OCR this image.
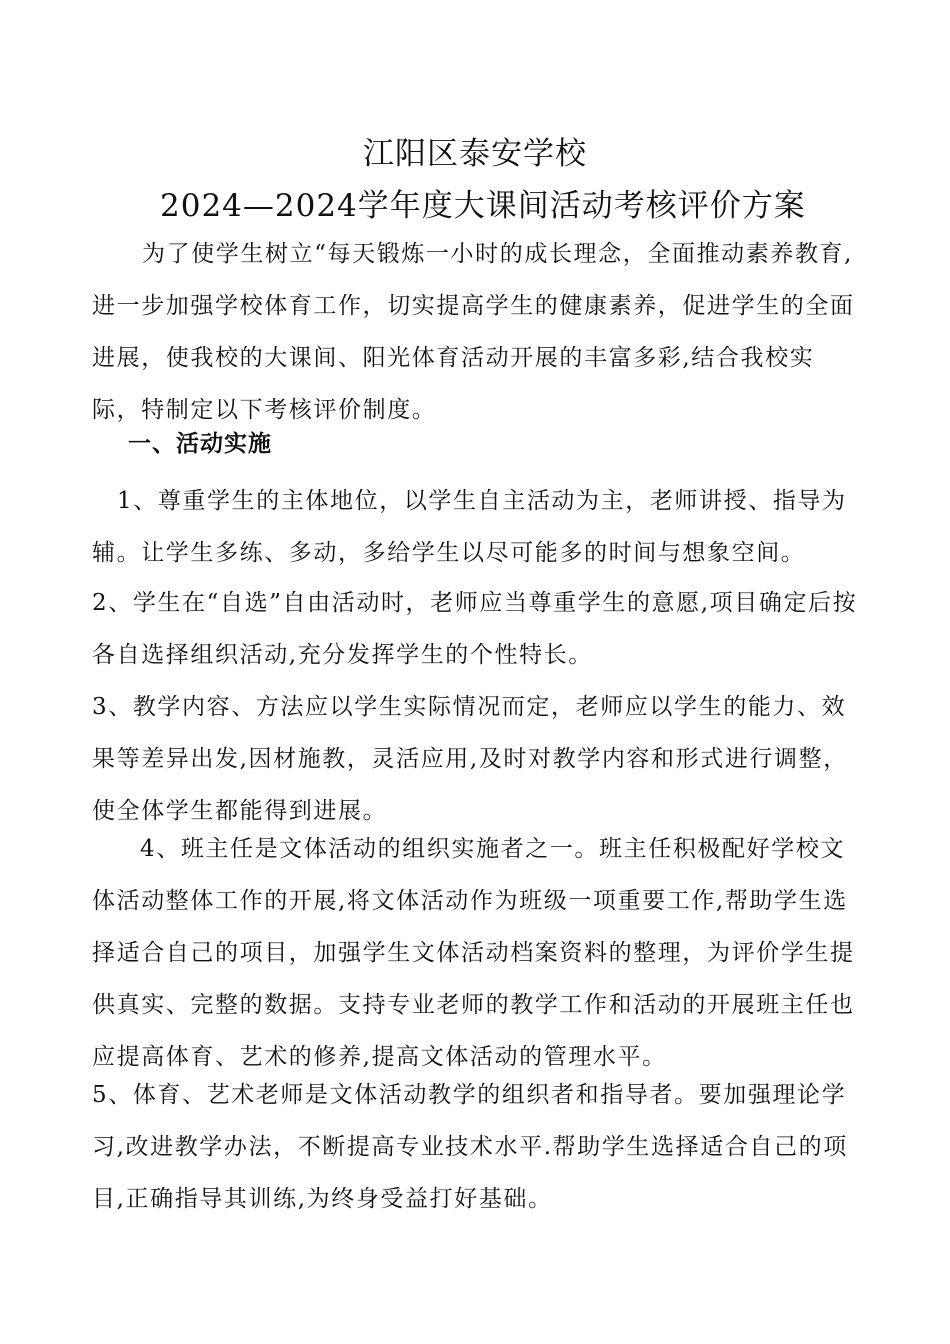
江阳区泰安学校
2024—2024学年度大课间活动考核评价方案
为了使学生树立“每天锻炼一小时的成长理念，全面推动素养教育,进一步加强学校体育工作，切实提高学生的健康素养，促进学生的全面进展，使我校的大课间、阳光体育活动开展的丰富多彩,结合我校实际，特制定以下考核评价制度。
一、活动实施
1、尊重学生的主体地位，以学生自主活动为主，老师讲授、指导为辅。让学生多练、多动，多给学生以尽可能多的时间与想象空间。
2、学生在“自选”自由活动时，老师应当尊重学生的意愿,项目确定后按各自选择组织活动,充分发挥学生的个性特长。
3、教学内容、方法应以学生实际情况而定，老师应以学生的能力、效果等差异出发,因材施教，灵活应用,及时对教学内容和形式进行调整，使全体学生都能得到进展。
4、班主任是文体活动的组织实施者之一。班主任积极配好学校文体活动整体工作的开展,将文体活动作为班级一项重要工作,帮助学生选择适合自己的项目，加强学生文体活动档案资料的整理，为评价学生提供真实、完整的数据。支持专业老师的教学工作和活动的开展班主任也应提高体育、艺术的修养,提高文体活动的管理水平。
5、体育、艺术老师是文体活动教学的组织者和指导者。要加强理论学习,改进教学办法，不断提高专业技术水平.帮助学生选择适合自己的项目,正确指导其训练,为终身受益打好基础。
